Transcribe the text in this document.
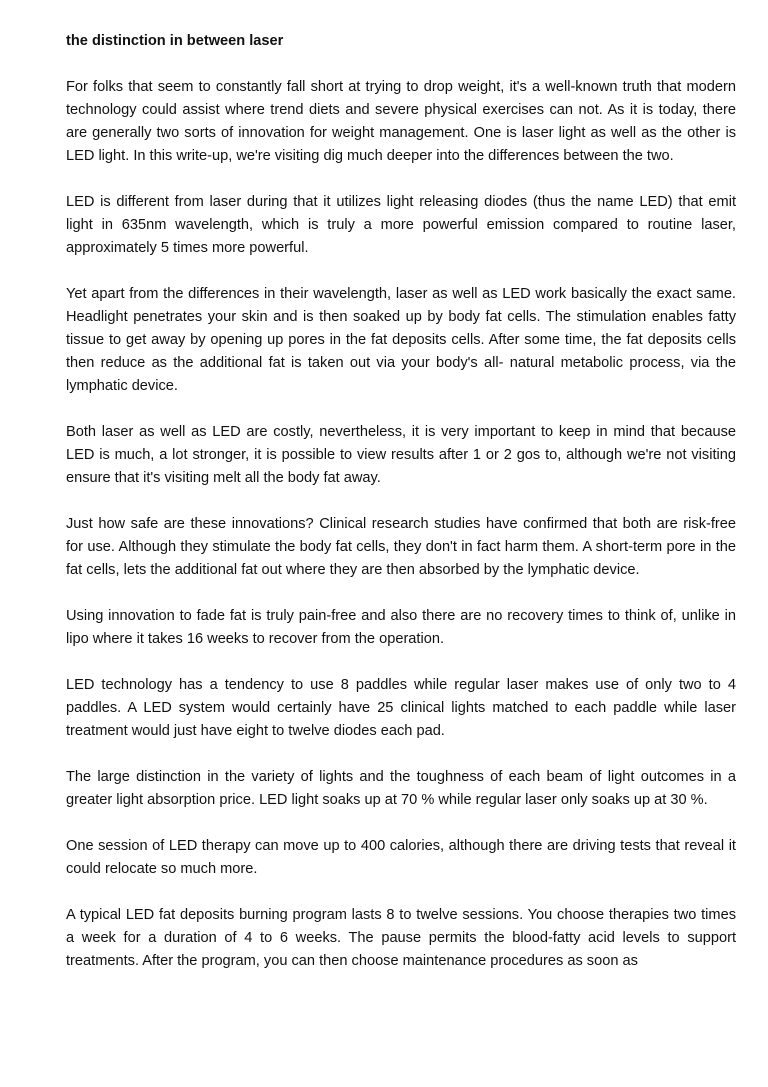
the distinction in between laser

For folks that seem to constantly fall short at trying to drop weight, it's a well-known truth that modern technology could assist where trend diets and severe physical exercises can not. As it is today, there are generally two sorts of innovation for weight management. One is laser light as well as the other is LED light. In this write-up, we're visiting dig much deeper into the differences between the two.

LED is different from laser during that it utilizes light releasing diodes (thus the name LED) that emit light in 635nm wavelength, which is truly a more powerful emission compared to routine laser, approximately 5 times more powerful.

Yet apart from the differences in their wavelength, laser as well as LED work basically the exact same. Headlight penetrates your skin and is then soaked up by body fat cells. The stimulation enables fatty tissue to get away by opening up pores in the fat deposits cells. After some time, the fat deposits cells then reduce as the additional fat is taken out via your body's all- natural metabolic process, via the lymphatic device.

Both laser as well as LED are costly, nevertheless, it is very important to keep in mind that because LED is much, a lot stronger, it is possible to view results after 1 or 2 gos to, although we're not visiting ensure that it's visiting melt all the body fat away.

Just how safe are these innovations? Clinical research studies have confirmed that both are risk-free for use. Although they stimulate the body fat cells, they don't in fact harm them. A short-term pore in the fat cells, lets the additional fat out where they are then absorbed by the lymphatic device.

Using innovation to fade fat is truly pain-free and also there are no recovery times to think of, unlike in lipo where it takes 16 weeks to recover from the operation.

LED technology has a tendency to use 8 paddles while regular laser makes use of only two to 4 paddles. A LED system would certainly have 25 clinical lights matched to each paddle while laser treatment would just have eight to twelve diodes each pad.

The large distinction in the variety of lights and the toughness of each beam of light outcomes in a greater light absorption price. LED light soaks up at 70 % while regular laser only soaks up at 30 %.

One session of LED therapy can move up to 400 calories, although there are driving tests that reveal it could relocate so much more.

A typical LED fat deposits burning program lasts 8 to twelve sessions. You choose therapies two times a week for a duration of 4 to 6 weeks. The pause permits the blood-fatty acid levels to support treatments. After the program, you can then choose maintenance procedures as soon as
